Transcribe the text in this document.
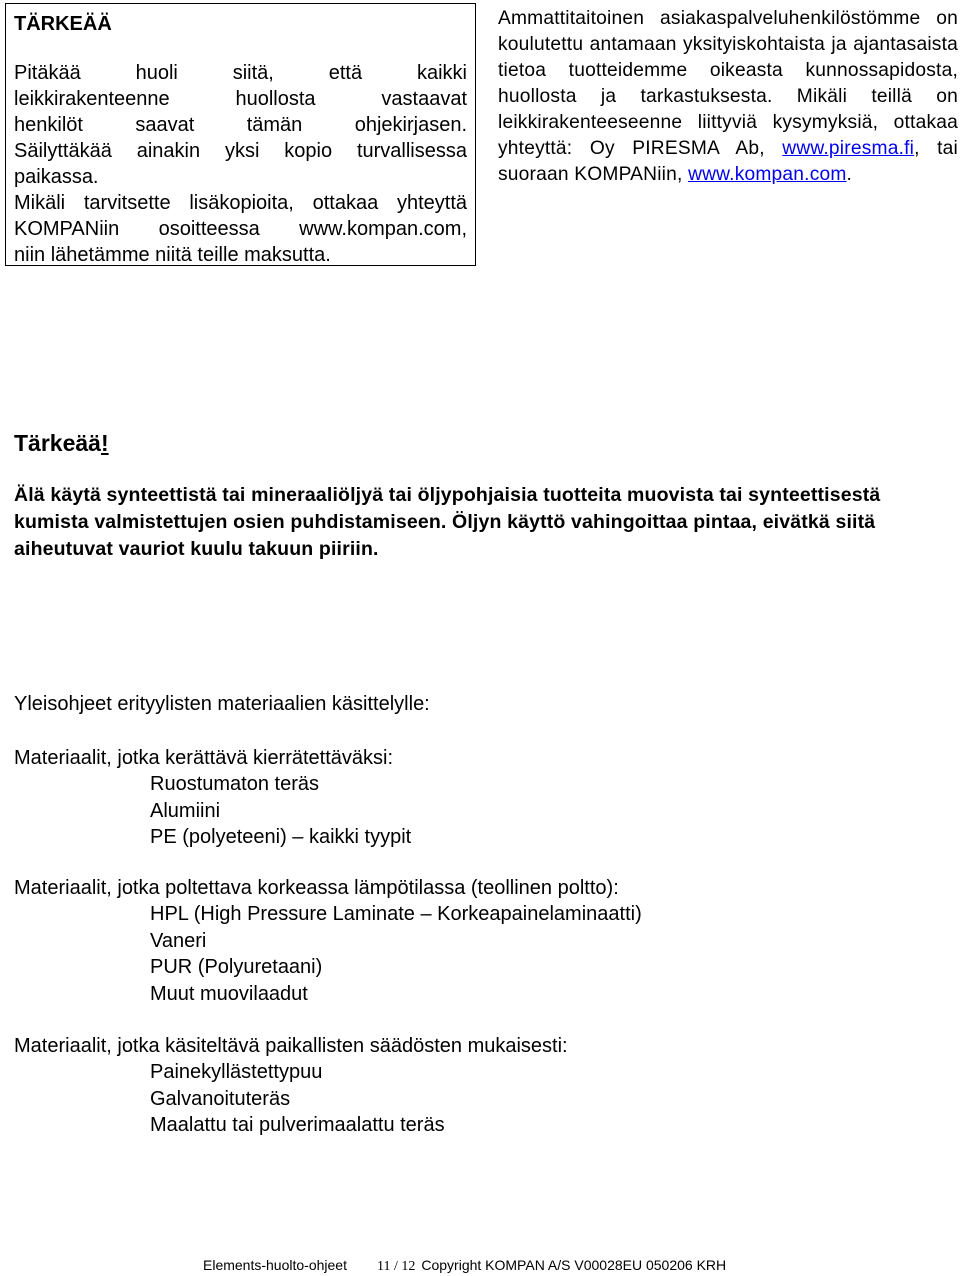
TÄRKEÄÄ

Pitäkää huoli siitä, että kaikki
leikkirakenteenne huollosta vastaavat
henkilöt saavat tämän ohjekirjasen.
Säilyttäkää ainakin yksi kopio turvallisessa
paikassa.

Mikäli tarvitsette lisäkopioita, ottakaa yhteyttä
KOMPANiin osoitteessa www.kompan.com,
niin lähetämme niitä teille maksutta.

Ammattitaitoinen asiakaspalveluhenkilöstömme on koulutettu antamaan yksityiskohtaista ja ajantasaista tietoa tuotteidemme oikeasta kunnossapidosta, huollosta ja tarkastuksesta. Mikäli teillä on leikkirakenteeseenne liittyviä kysymyksiä, ottakaa yhteyttä: Oy PIRESMA Ab, www.piresma.fi, tai suoraan KOMPANiin, www.kompan.com.

Tärkeää!

Älä käytä synteettistä tai mineraaliöljyä tai öljypohjaisia tuotteita muovista tai synteettisestä kumista valmistettujen osien puhdistamiseen. Öljyn käyttö vahingoittaa pintaa, eivätkä siitä aiheutuvat vauriot kuulu takuun piiriin.

Yleisohjeet erityylisten materiaalien käsittelylle:

Materiaalit, jotka kerättävä kierrätettäväksi:

Ruostumaton teräs
Alumiini
PE (polyeteeni) – kaikki tyypit

Materiaalit, jotka poltettava korkeassa lämpötilassa (teollinen poltto):

HPL (High Pressure Laminate – Korkeapainelaminaatti)
Vaneri
PUR (Polyuretaani)
Muut muovilaadut

Materiaalit, jotka käsiteltävä paikallisten säädösten mukaisesti:

Painekyllästettypuu
Galvanoituteräs
Maalattu tai pulverimaalattu teräs
Elements-huolto-ohjeet 11 / 12 Copyright KOMPAN A/S V00028EU 050206 KRH
